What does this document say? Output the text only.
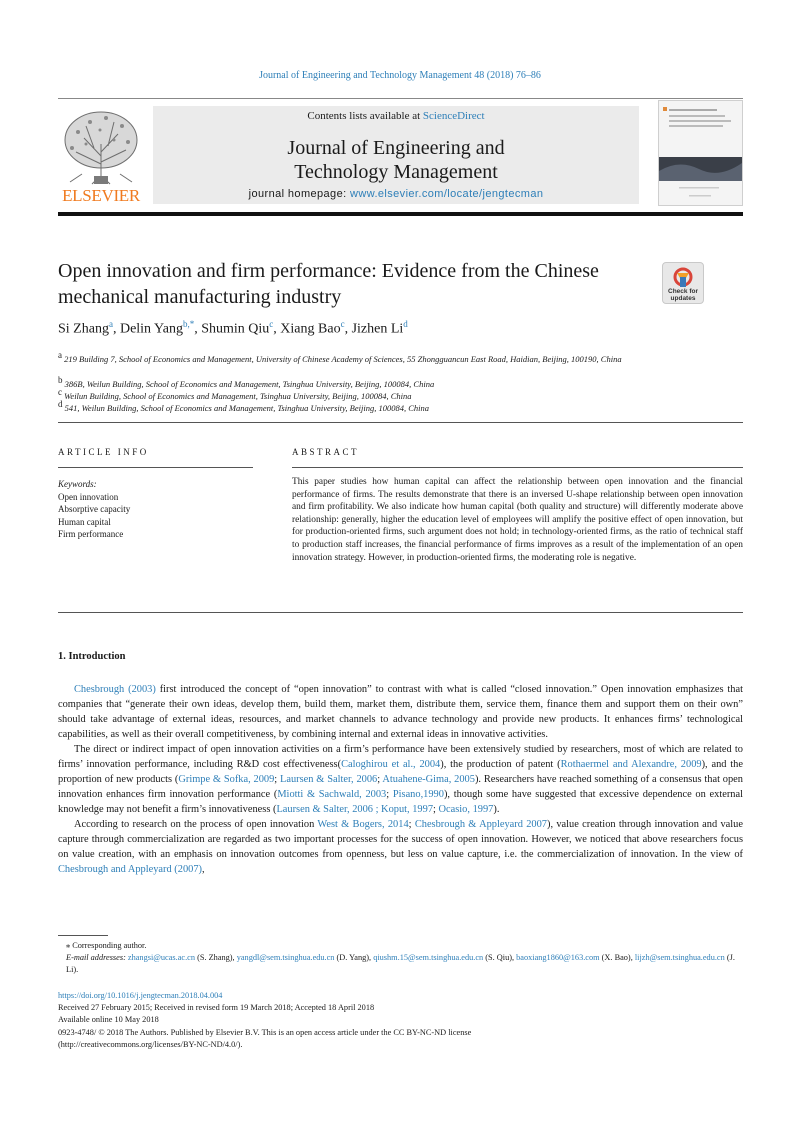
Journal of Engineering and Technology Management 48 (2018) 76–86
ELSEVIER
Contents lists available at ScienceDirect
Journal of Engineering and
Technology Management
journal homepage: www.elsevier.com/locate/jengtecman
Open innovation and firm performance: Evidence from the Chinese mechanical manufacturing industry	Check for updates
Si Zhang$^a$, Delin Yang$^{b,*}$, Shumin Qiu$^c$, Xiang Bao$^c$, Jizhen Li$^d$
$^a$ 219 Building 7, School of Economics and Management, University of Chinese Academy of Sciences, 55 Zhongguancun East Road, Haidian, Beijing, 100190, China
$^b$ 386B, Weilun Building, School of Economics and Management, Tsinghua University, Beijing, 100084, China
$^c$ Weilun Building, School of Economics and Management, Tsinghua University, Beijing, 100084, China
$^d$ 541, Weilun Building, School of Economics and Management, Tsinghua University, Beijing, 100084, China
ARTICLE INFO	ABSTRACT
Keywords:
Open innovation
Absorptive capacity
Human capital
Firm performance
This paper studies how human capital can affect the relationship between open innovation and the financial performance of firms. The results demonstrate that there is an inversed U-shape relationship between open innovation and firm profitability. We also indicate how human capital (both quality and structure) will differently moderate above relationship: generally, higher the education level of employees will amplify the positive effect of open innovation, but for production-oriented firms, such argument does not hold; in technology-oriented firms, as the ratio of technical staff to production staff increases, the financial performance of firms improves as a result of the implementation of an open innovation strategy. However, in production-oriented firms, the moderating role is negative.
1. Introduction

Chesbrough (2003) first introduced the concept of “open innovation” to contrast with what is called “closed innovation.” Open innovation emphasizes that companies that “generate their own ideas, develop them, build them, market them, distribute them, service them, finance them and support them on their own” should take advantage of external ideas, resources, and market channels to advance technology and provide new products. It enhances firms’ technological capabilities, as well as their overall competitiveness, by combining internal and external ideas in innovative activities.

The direct or indirect impact of open innovation activities on a firm’s performance have been extensively studied by researchers, most of which are related to firms’ innovation performance, including R&D cost effectiveness(Caloghirou et al., 2004), the production of patent (Rothaermel and Alexandre, 2009), and the proportion of new products (Grimpe & Sofka, 2009; Laursen & Salter, 2006; Atuahene-Gima, 2005). Researchers have reached something of a consensus that open innovation enhances firm innovation performance (Miotti & Sachwald, 2003; Pisano,1990), though some have suggested that excessive dependence on external knowledge may not benefit a firm’s innovativeness (Laursen & Salter, 2006 ; Koput, 1997; Ocasio, 1997).

According to research on the process of open innovation West & Bogers, 2014; Chesbrough & Appleyard 2007), value creation through innovation and value capture through commercialization are regarded as two important processes for the success of open innovation. However, we noticed that above researchers focus on value creation, with an emphasis on innovation outcomes from openness, but less on value capture, i.e. the commercialization of innovation. In the view of Chesbrough and Appleyard (2007),

⁎ Corresponding author.
E-mail addresses: zhangsi@ucas.ac.cn (S. Zhang), yangdl@sem.tsinghua.edu.cn (D. Yang), qiushm.15@sem.tsinghua.edu.cn (S. Qiu), baoxiang1860@163.com (X. Bao), lijzh@sem.tsinghua.edu.cn (J. Li).
https://doi.org/10.1016/j.jengtecman.2018.04.004
Received 27 February 2015; Received in revised form 19 March 2018; Accepted 18 April 2018
Available online 10 May 2018
0923-4748/ © 2018 The Authors. Published by Elsevier B.V. This is an open access article under the CC BY-NC-ND license
(http://creativecommons.org/licenses/BY-NC-ND/4.0/).
